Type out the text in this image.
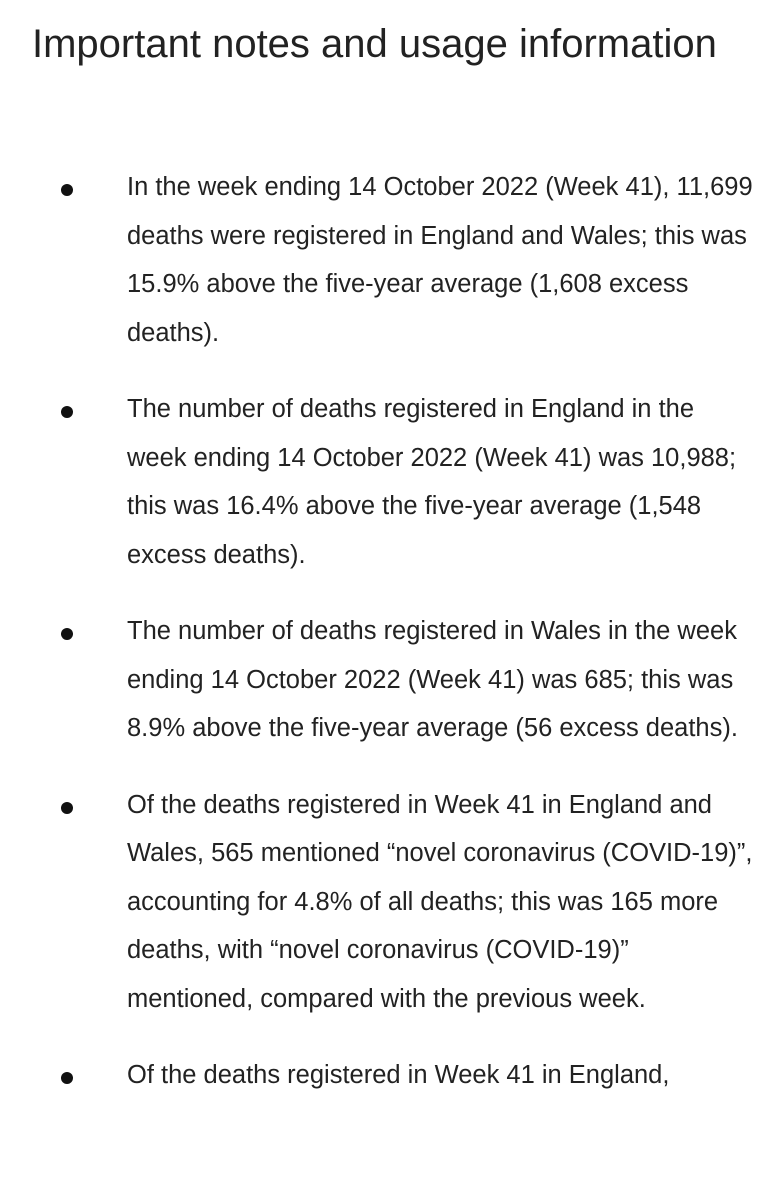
Important notes and usage information
In the week ending 14 October 2022 (Week 41), 11,699 deaths were registered in England and Wales; this was 15.9% above the five-year average (1,608 excess deaths).
The number of deaths registered in England in the week ending 14 October 2022 (Week 41) was 10,988; this was 16.4% above the five-year average (1,548 excess deaths).
The number of deaths registered in Wales in the week ending 14 October 2022 (Week 41) was 685; this was 8.9% above the five-year average (56 excess deaths).
Of the deaths registered in Week 41 in England and Wales, 565 mentioned “novel coronavirus (COVID-19)”, accounting for 4.8% of all deaths; this was 165 more deaths, with “novel coronavirus (COVID-19)” mentioned, compared with the previous week.
Of the deaths registered in Week 41 in England,
